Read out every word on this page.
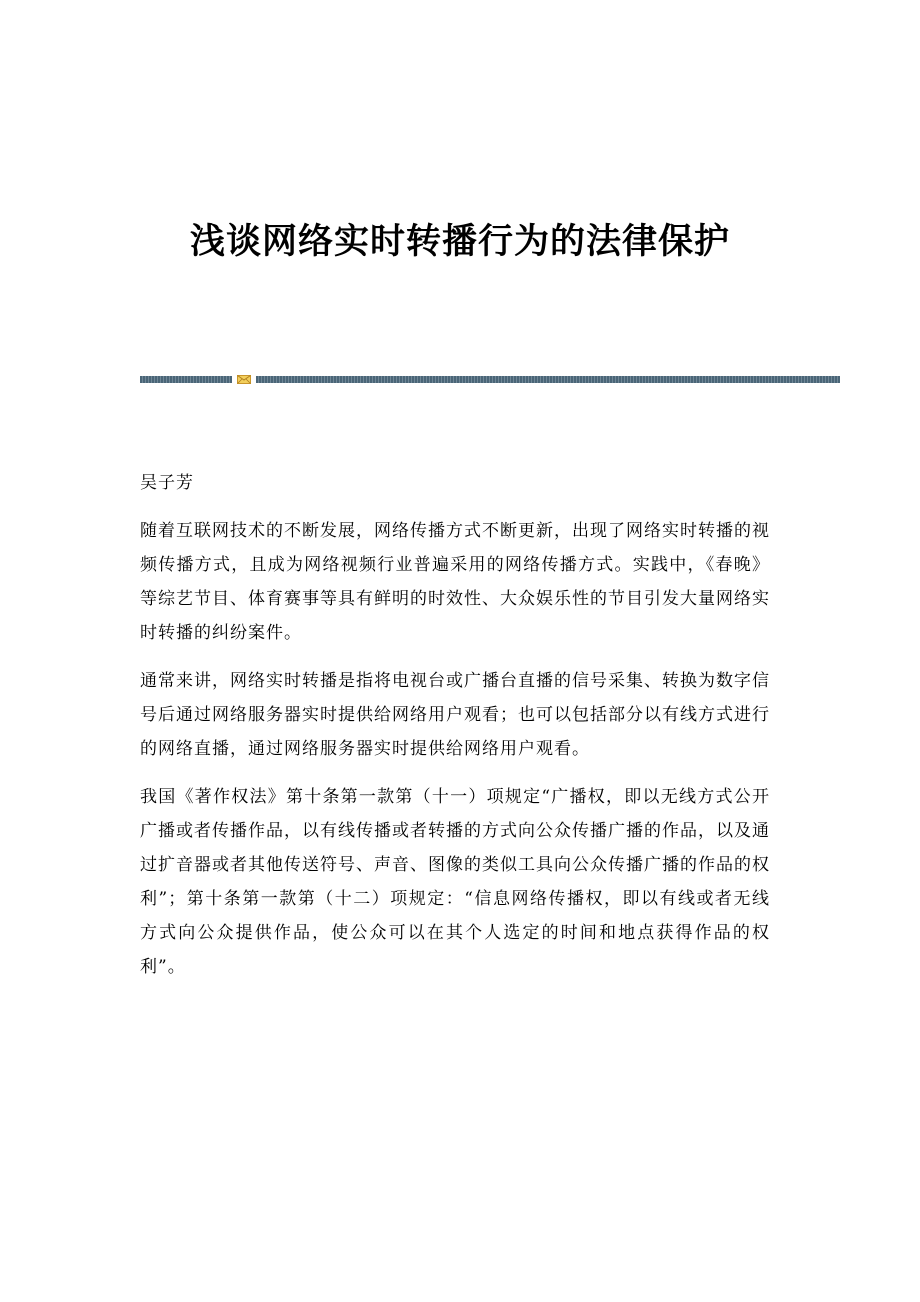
浅谈网络实时转播行为的法律保护

吴子芳

随着互联网技术的不断发展，网络传播方式不断更新，出现了网络实时转播的视频传播方式，且成为网络视频行业普遍采用的网络传播方式。实践中，《春晚》等综艺节目、体育赛事等具有鲜明的时效性、大众娱乐性的节目引发大量网络实时转播的纠纷案件。

通常来讲，网络实时转播是指将电视台或广播台直播的信号采集、转换为数字信号后通过网络服务器实时提供给网络用户观看；也可以包括部分以有线方式进行的网络直播，通过网络服务器实时提供给网络用户观看。

我国《著作权法》第十条第一款第（十一）项规定“广播权，即以无线方式公开广播或者传播作品，以有线传播或者转播的方式向公众传播广播的作品，以及通过扩音器或者其他传送符号、声音、图像的类似工具向公众传播广播的作品的权利”；第十条第一款第（十二）项规定：“信息网络传播权，即以有线或者无线方式向公众提供作品，使公众可以在其个人选定的时间和地点获得作品的权利”。
